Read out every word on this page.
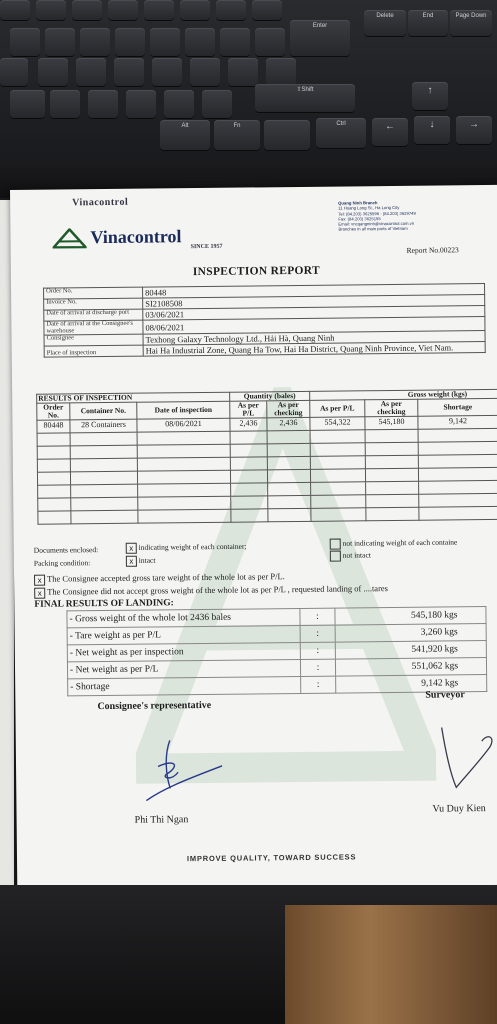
Enter
Delete	End	Page Down
⇧Shift	↑
Alt	Fn	Ctrl	←	↓	→
Vinacontrol
Vinacontrol SINCE 1957
Quang Ninh Branch
11 Hoang Long St., Ha Long City
Tel: (84.203) 3625596 - (84.203) 3629749
Fax: (84.203) 3625155
Email: vncqangninh@vinacontrol.com.vn
Branches in all main ports of Vietnam
Report No.00223
INSPECTION REPORT
Order No.	80448
Invoice No.	SI2108508
Date of arrival at discharge port	03/06/2021
Date of arrival at the Consignee's warehouse	08/06/2021
Consignee	Texhong Galaxy Technology Ltd., Hải Hà, Quang Ninh
Place of inspection	Hai Ha Industrial Zone, Quang Ha Tow, Hai Ha District, Quang Ninh Province, Viet Nam.
RESULTS OF INSPECTION			Quantity (bales)		Gross weight (kgs)		
Order No.	Container No.	Date of inspection	As per P/L	As per checking	As per P/L	As per checking	Shortage
80448	28 Containers	08/06/2021	2,436	2,436	554,322	545,180	9,142

Documents enclosed:	x indicating weight of each container;	not indicating weight of each containe
Packing condition:	x intact
not intact
x The Consignee accepted gross tare weight of the whole lot as per P/L.
x The Consignee did not accept gross weight of the whole lot as per P/L , requested landing of ....tares
FINAL RESULTS OF LANDING:
- Gross weight of the whole lot 2436 bales	:	545,180 kgs
- Tare weight as per P/L	:	3,260 kgs
- Net weight as per inspection	:	541,920 kgs
- Net weight as per P/L	:	551,062 kgs
- Shortage	:	9,142 kgs
Consignee's representative
Surveyor
Phi Thi Ngan
Vu Duy Kien
IMPROVE QUALITY, TOWARD SUCCESS
